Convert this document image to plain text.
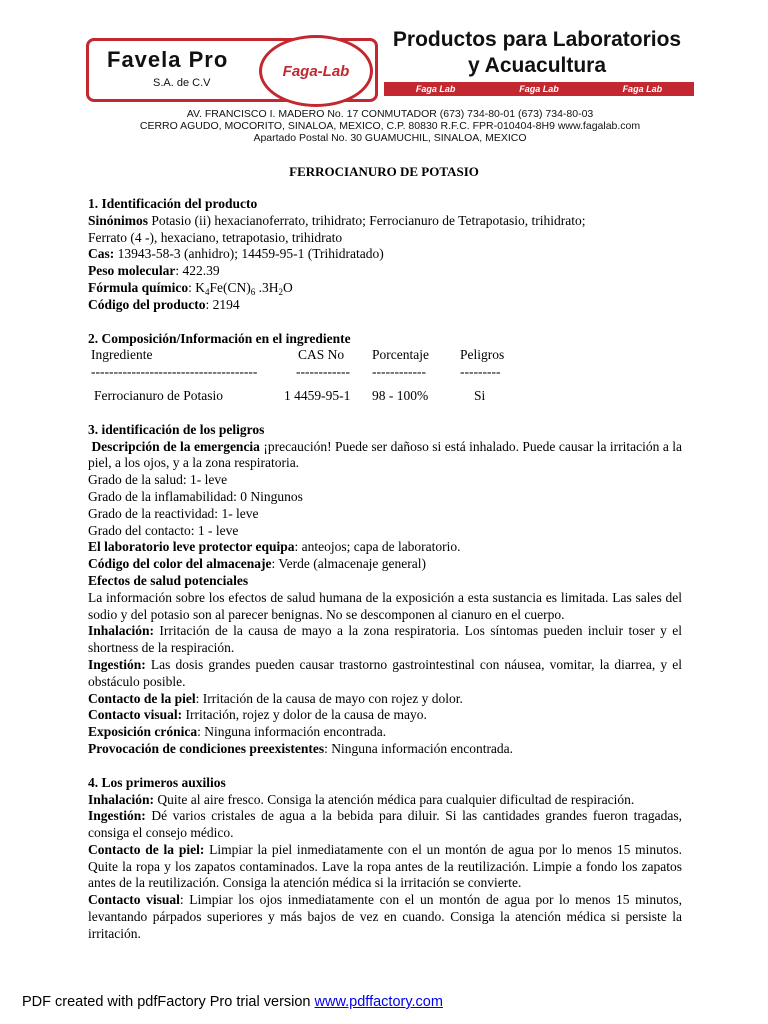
Favela Pro
S.A. de C.V
Faga-Lab
Productos para Laboratorios
y Acuacultura
Faga Lab	Faga Lab	Faga Lab
AV. FRANCISCO I. MADERO No. 17 CONMUTADOR (673) 734-80-01 (673) 734-80-03
CERRO AGUDO, MOCORITO, SINALOA, MEXICO, C.P. 80830 R.F.C. FPR-010404-8H9 www.fagalab.com
Apartado Postal No. 30 GUAMUCHIL, SINALOA, MEXICO
FERROCIANURO DE POTASIO

1. Identificación del producto

Sinónimos Potasio (ii) hexacianoferrato, trihidrato; Ferrocianuro de Tetrapotasio, trihidrato;

Ferrato (4 -), hexaciano, tetrapotasio, trihidrato

Cas: 13943-58-3 (anhidro); 14459-95-1 (Trihidratado)

Peso molecular: 422.39

Fórmula químico: $K_4Fe(CN)_6$ $.3H_2O$

Código del producto: 2194

2. Composición/Información en el ingrediente

Ingrediente	CAS No	Porcentaje	Peligros
-------------------------------------	------------	------------	---------
Ferrocianuro de Potasio	1 4459-95-1	98 - 100%	Si

3. identificación de los peligros

Descripción de la emergencia ¡precaución! Puede ser dañoso si está inhalado. Puede causar la irritación a la piel, a los ojos, y a la zona respiratoria.

Grado de la salud: 1- leve

Grado de la inflamabilidad: 0 Ningunos

Grado de la reactividad: 1- leve

Grado del contacto: 1 - leve

El laboratorio leve protector equipa: anteojos; capa de laboratorio.

Código del color del almacenaje: Verde (almacenaje general)

Efectos de salud potenciales

La información sobre los efectos de salud humana de la exposición a esta sustancia es limitada. Las sales del sodio y del potasio son al parecer benignas. No se descomponen al cianuro en el cuerpo.

Inhalación: Irritación de la causa de mayo a la zona respiratoria. Los síntomas pueden incluir toser y el shortness de la respiración.

Ingestión: Las dosis grandes pueden causar trastorno gastrointestinal con náusea, vomitar, la diarrea, y el obstáculo posible.

Contacto de la piel: Irritación de la causa de mayo con rojez y dolor.

Contacto visual: Irritación, rojez y dolor de la causa de mayo.

Exposición crónica: Ninguna información encontrada.

Provocación de condiciones preexistentes: Ninguna información encontrada.

4. Los primeros auxilios

Inhalación: Quite al aire fresco. Consiga la atención médica para cualquier dificultad de respiración.

Ingestión: Dé varios cristales de agua a la bebida para diluir. Si las cantidades grandes fueron tragadas, consiga el consejo médico.

Contacto de la piel: Limpiar la piel inmediatamente con el un montón de agua por lo menos 15 minutos. Quite la ropa y los zapatos contaminados. Lave la ropa antes de la reutilización. Limpie a fondo los zapatos antes de la reutilización. Consiga la atención médica si la irritación se convierte.

Contacto visual: Limpiar los ojos inmediatamente con el un montón de agua por lo menos 15 minutos, levantando párpados superiores y más bajos de vez en cuando. Consiga la atención médica si persiste la irritación.

PDF created with pdfFactory Pro trial version www.pdffactory.com
